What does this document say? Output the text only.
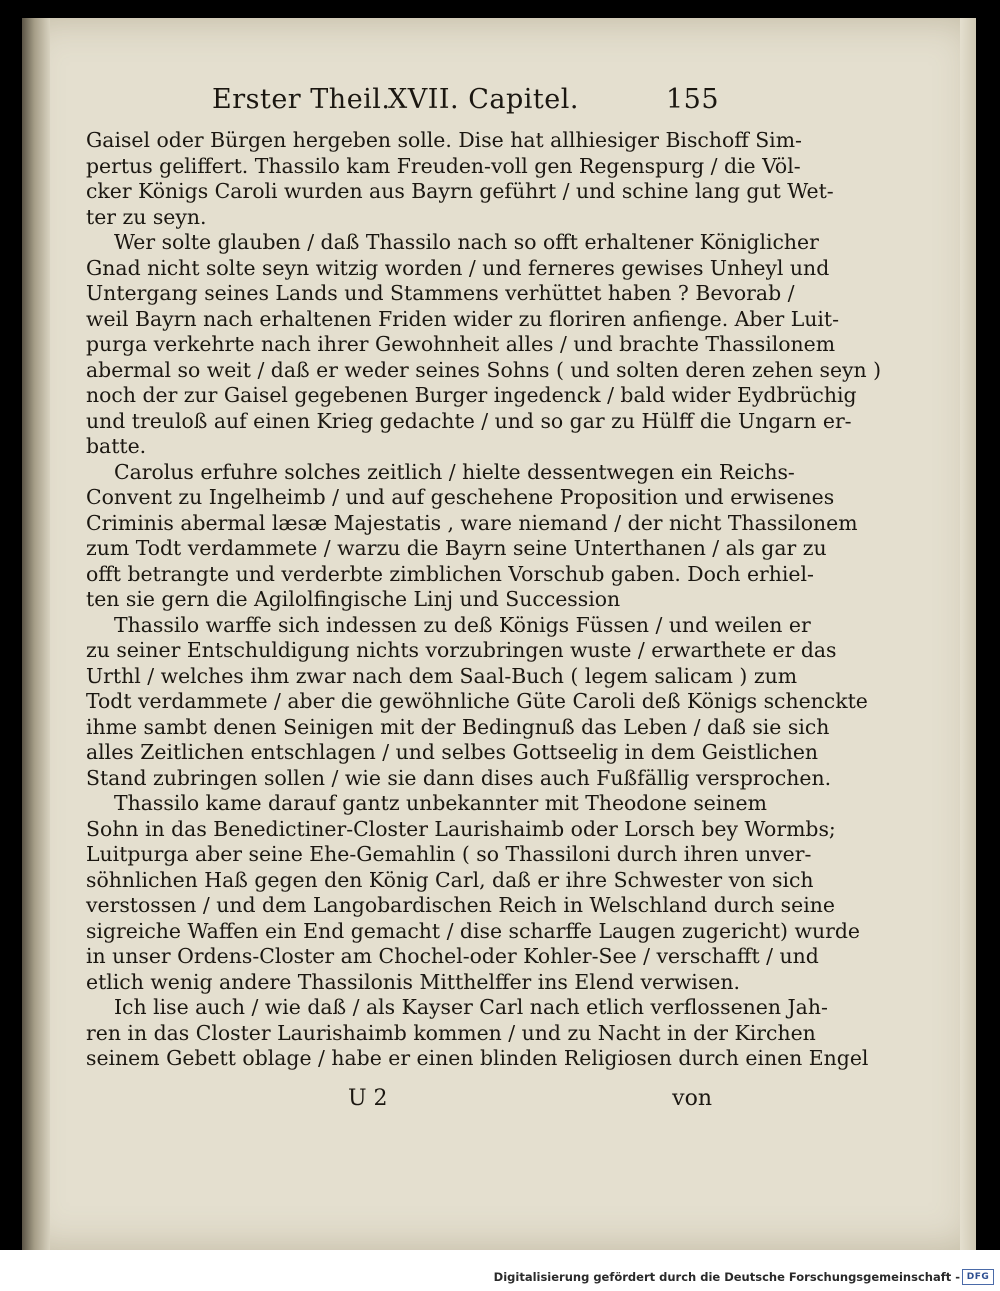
Erster Theil.
XVII. Capitel.	155
Gaisel oder Bürgen hergeben solle. Dise hat allhiesiger Bischoff Sim-
pertus geliffert. Thassilo kam Freuden-voll gen Regenspurg / die Völ-
cker Königs Caroli wurden aus Bayrn geführt / und schine lang gut Wet-
ter zu seyn.
Wer solte glauben / daß Thassilo nach so offt erhaltener Königlicher
Gnad nicht solte seyn witzig worden / und ferneres gewises Unheyl und
Untergang seines Lands und Stammens verhüttet haben ? Bevorab /
weil Bayrn nach erhaltenen Friden wider zu floriren anfienge. Aber Luit-
purga verkehrte nach ihrer Gewohnheit alles / und brachte Thassilonem
abermal so weit / daß er weder seines Sohns ( und solten deren zehen seyn )
noch der zur Gaisel gegebenen Burger ingedenck / bald wider Eydbrüchig
und treuloß auf einen Krieg gedachte / und so gar zu Hülff die Ungarn er-
batte.
Carolus erfuhre solches zeitlich / hielte dessentwegen ein Reichs-
Convent zu Ingelheimb / und auf geschehene Proposition und erwisenes
Criminis abermal læsæ Majestatis , ware niemand / der nicht Thassilonem
zum Todt verdammete / warzu die Bayrn seine Unterthanen / als gar zu
offt betrangte und verderbte zimblichen Vorschub gaben. Doch erhiel-
ten sie gern die Agilolfingische Linj und Succession
Thassilo warffe sich indessen zu deß Königs Füssen / und weilen er
zu seiner Entschuldigung nichts vorzubringen wuste / erwarthete er das
Urthl / welches ihm zwar nach dem Saal-Buch ( legem salicam ) zum
Todt verdammete / aber die gewöhnliche Güte Caroli deß Königs schenckte
ihme sambt denen Seinigen mit der Bedingnuß das Leben / daß sie sich
alles Zeitlichen entschlagen / und selbes Gottseelig in dem Geistlichen
Stand zubringen sollen / wie sie dann dises auch Fußfällig versprochen.
Thassilo kame darauf gantz unbekannter mit Theodone seinem
Sohn in das Benedictiner-Closter Laurishaimb oder Lorsch bey Wormbs;
Luitpurga aber seine Ehe-Gemahlin ( so Thassiloni durch ihren unver-
söhnlichen Haß gegen den König Carl, daß er ihre Schwester von sich
verstossen / und dem Langobardischen Reich in Welschland durch seine
sigreiche Waffen ein End gemacht / dise scharffe Laugen zugericht) wurde
in unser Ordens-Closter am Chochel-oder Kohler-See / verschafft / und
etlich wenig andere Thassilonis Mitthelffer ins Elend verwisen.
Ich lise auch / wie daß / als Kayser Carl nach etlich verflossenen Jah-
ren in das Closter Laurishaimb kommen / und zu Nacht in der Kirchen
seinem Gebett oblage / habe er einen blinden Religiosen durch einen Engel
U 2	von
Digitalisierung gefördert durch die Deutsche Forschungsgemeinschaft - DFG
